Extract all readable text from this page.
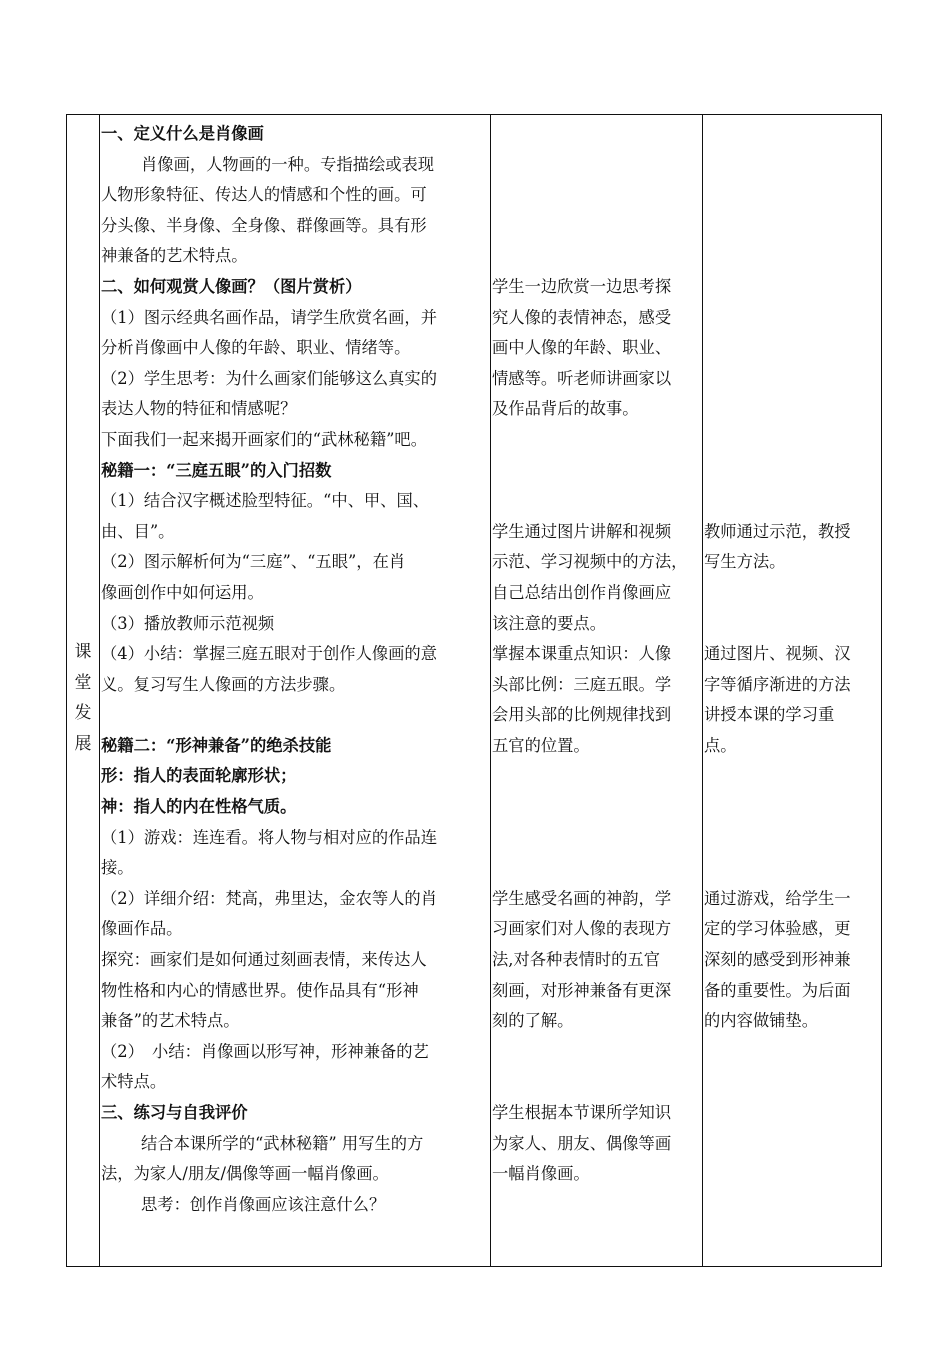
课
堂
发
展
一、定义什么是肖像画
肖像画，人物画的一种。专指描绘或表现
人物形象特征、传达人的情感和个性的画。可
分头像、半身像、全身像、群像画等。具有形
神兼备的艺术特点。
二、如何观赏人像画？（图片赏析）
（1）图示经典名画作品，请学生欣赏名画，并
分析肖像画中人像的年龄、职业、情绪等。
（2）学生思考：为什么画家们能够这么真实的
表达人物的特征和情感呢？
下面我们一起来揭开画家们的“武林秘籍”吧。
秘籍一：“三庭五眼”的入门招数
（1）结合汉字概述脸型特征。“中、甲、国、
由、目”。
（2）图示解析何为“三庭”、“五眼”，在肖
像画创作中如何运用。
（3）播放教师示范视频
（4）小结：掌握三庭五眼对于创作人像画的意
义。复习写生人像画的方法步骤。
秘籍二：“形神兼备”的绝杀技能
形：指人的表面轮廓形状；
神：指人的内在性格气质。
（1）游戏：连连看。将人物与相对应的作品连
接。
（2）详细介绍：梵高，弗里达，金农等人的肖
像画作品。
探究：画家们是如何通过刻画表情，来传达人
物性格和内心的情感世界。使作品具有“形神
兼备”的艺术特点。
（2）　小结：肖像画以形写神，形神兼备的艺
术特点。
三、练习与自我评价
结合本课所学的“武林秘籍” 用写生的方
法，为家人/朋友/偶像等画一幅肖像画。
思考：创作肖像画应该注意什么？
学生一边欣赏一边思考探
究人像的表情神态，感受
画中人像的年龄、职业、
情感等。听老师讲画家以
及作品背后的故事。
学生通过图片讲解和视频
示范、学习视频中的方法，
自己总结出创作肖像画应
该注意的要点。
掌握本课重点知识：人像
头部比例：三庭五眼。学
会用头部的比例规律找到
五官的位置。
学生感受名画的神韵，学
习画家们对人像的表现方
法,对各种表情时的五官
刻画，对形神兼备有更深
刻的了解。
学生根据本节课所学知识
为家人、朋友、偶像等画
一幅肖像画。
教师通过示范，教授
写生方法。
通过图片、视频、汉
字等循序渐进的方法
讲授本课的学习重
点。
通过游戏，给学生一
定的学习体验感，更
深刻的感受到形神兼
备的重要性。为后面
的内容做铺垫。
